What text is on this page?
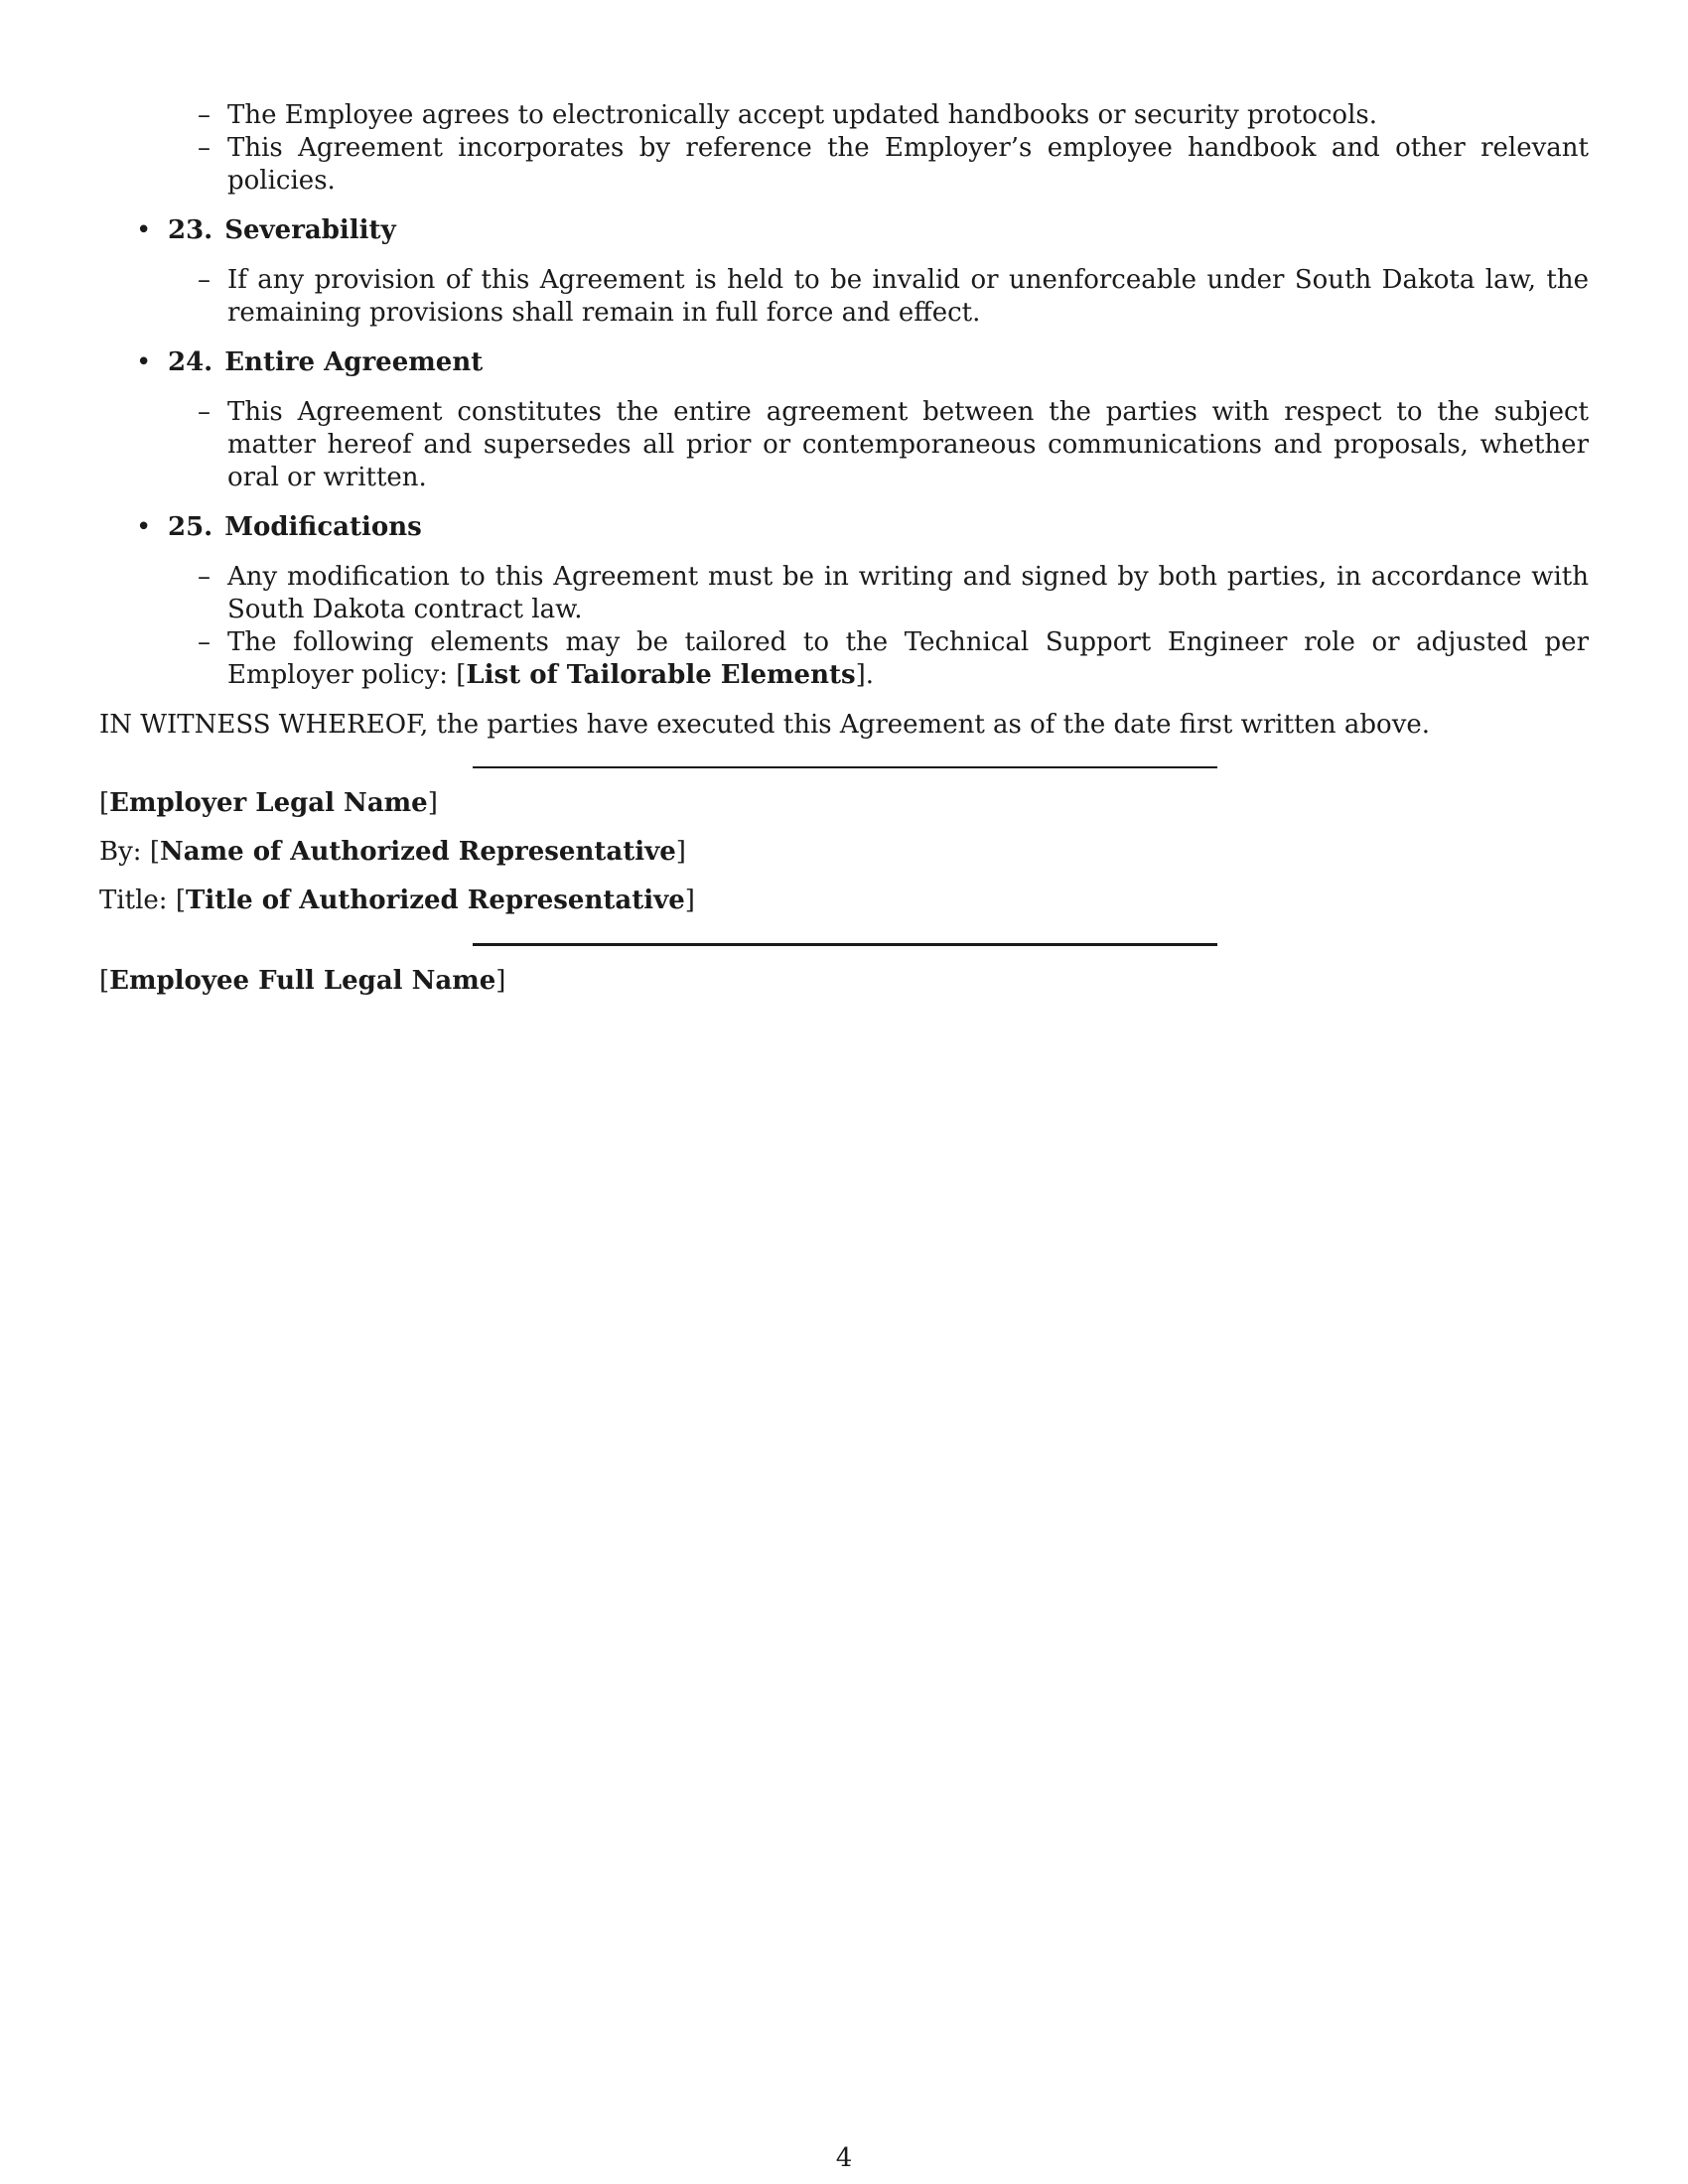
– The Employee agrees to electronically accept updated handbooks or security protocols.
– This Agreement incorporates by reference the Employer’s employee handbook and other relevant policies.
• 23. Severability
– If any provision of this Agreement is held to be invalid or unenforceable under South Dakota law, the remaining provisions shall remain in full force and effect.
• 24. Entire Agreement
– This Agreement constitutes the entire agreement between the parties with respect to the subject matter hereof and supersedes all prior or contemporaneous communications and proposals, whether oral or written.
• 25. Modifications
– Any modification to this Agreement must be in writing and signed by both parties, in accordance with South Dakota contract law.
– The following elements may be tailored to the Technical Support Engineer role or adjusted per Employer policy: [List of Tailorable Elements].
IN WITNESS WHEREOF, the parties have executed this Agreement as of the date first written above.

[Employer Legal Name]

By: [Name of Authorized Representative]

Title: [Title of Authorized Representative]

[Employee Full Legal Name]

4
